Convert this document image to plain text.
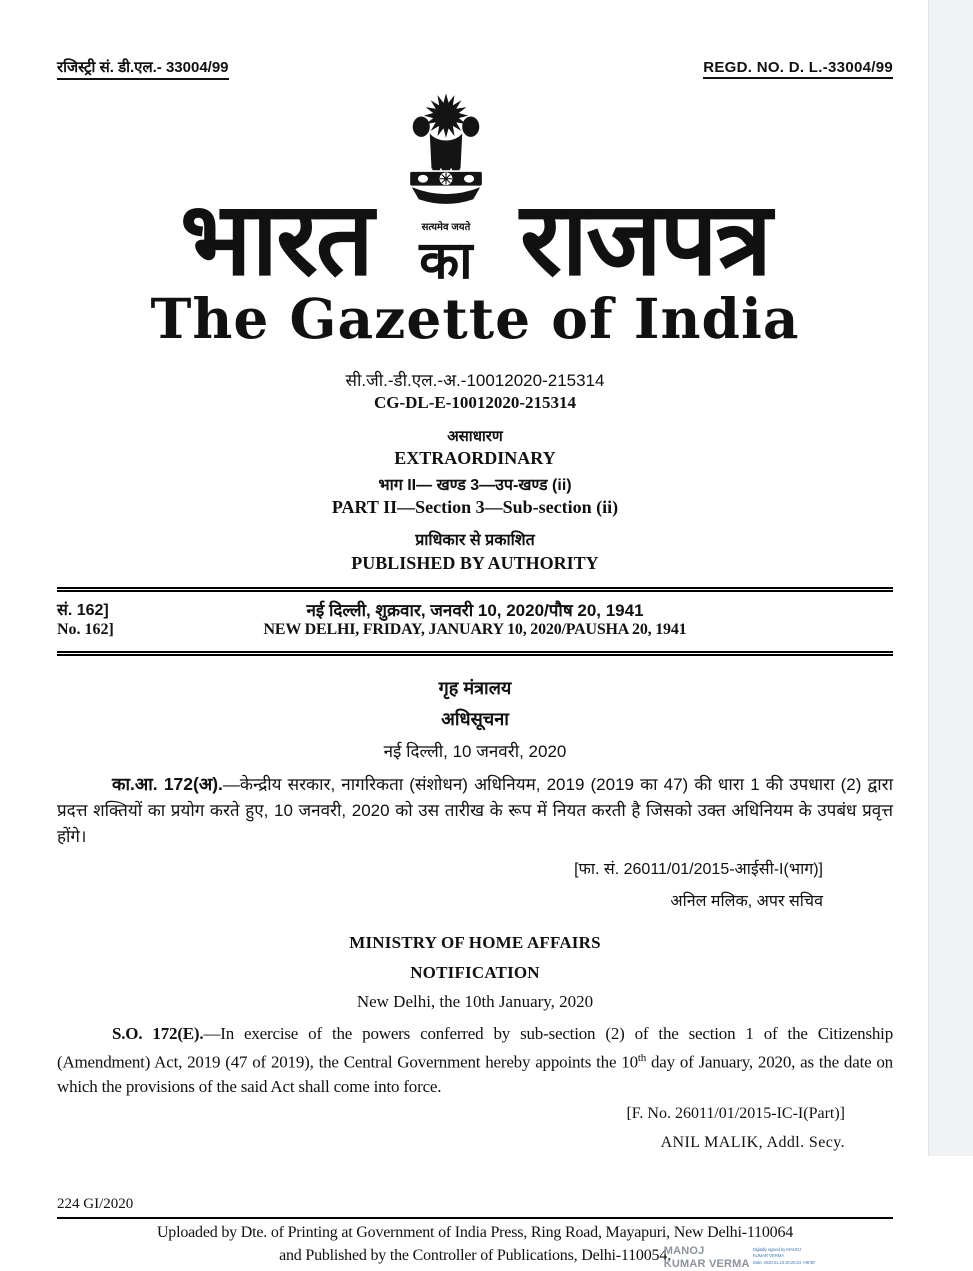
रजिस्ट्री सं. डी.एल.- 33004/99	REGD. NO. D. L.-33004/99
भारत	सत्यमेव जयते
का राजपत्र
The Gazette of India
सी.जी.-डी.एल.-अ.-10012020-215314
CG-DL-E-10012020-215314
असाधारण
EXTRAORDINARY
भाग II— खण्ड 3—उप-खण्ड (ii)
PART II—Section 3—Sub-section (ii)
प्राधिकार से प्रकाशित
PUBLISHED BY AUTHORITY
सं. 162]	नई दिल्ली, शुक्रवार, जनवरी 10, 2020/पौष 20, 1941
No. 162]	NEW DELHI, FRIDAY, JANUARY 10, 2020/PAUSHA 20, 1941
गृह मंत्रालय
अधिसूचना
नई दिल्ली, 10 जनवरी, 2020

का.आ. 172(अ).—केन्द्रीय सरकार, नागरिकता (संशोधन) अधिनियम, 2019 (2019 का 47) की धारा 1 की उपधारा (2) द्वारा प्रदत्त शक्तियों का प्रयोग करते हुए, 10 जनवरी, 2020 को उस तारीख के रूप में नियत करती है जिसको उक्त अधिनियम के उपबंध प्रवृत्त होंगे।

[फा. सं. 26011/01/2015-आईसी-I(भाग)]
अनिल मलिक, अपर सचिव
MINISTRY OF HOME AFFAIRS
NOTIFICATION
New Delhi, the 10th January, 2020

S.O. 172(E).—In exercise of the powers conferred by sub-section (2) of the section 1 of the Citizenship (Amendment) Act, 2019 (47 of 2019), the Central Government hereby appoints the 10th day of January, 2020, as the date on which the provisions of the said Act shall come into force.

[F. No. 26011/01/2015-IC-I(Part)]
ANIL MALIK, Addl. Secy.
224 GI/2020
Uploaded by Dte. of Printing at Government of India Press, Ring Road, Mayapuri, New Delhi-110064
and Published by the Controller of Publications, Delhi-110054.
MANOJ
KUMAR VERMA
Digitally signed by MANOJ
KUMAR VERMA
Date: 2020.01.10 20:20:24 +05'30'
